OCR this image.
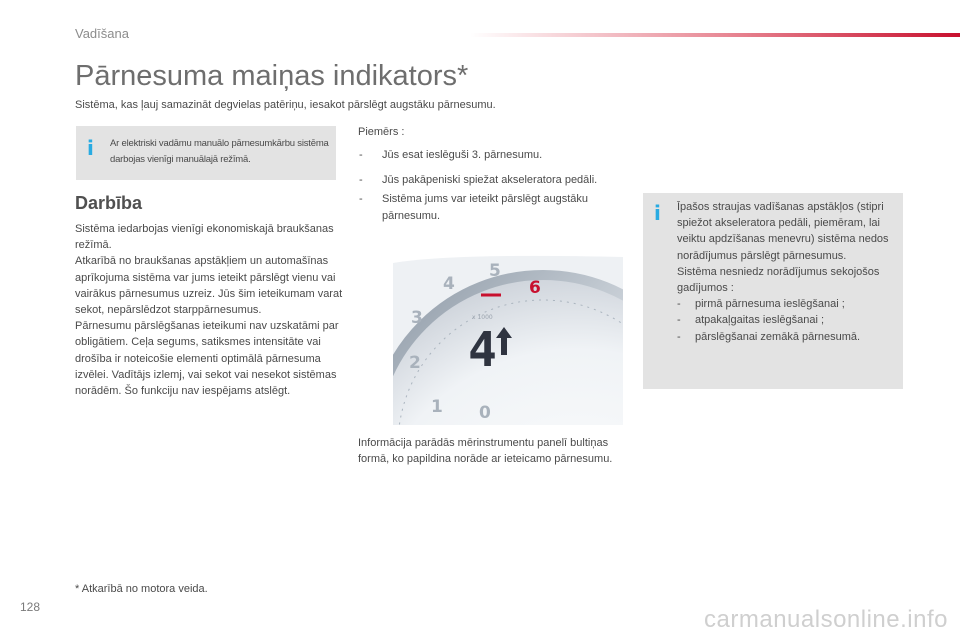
Vadīšana
Pārnesuma maiņas indikators*
Sistēma, kas ļauj samazināt degvielas patēriņu, iesakot pārslēgt augstāku pārnesumu.
i Ar elektriski vadāmu manuālo pārnesumkārbu sistēma darbojas vienīgi manuālajā režīmā.
Darbība

Sistēma iedarbojas vienīgi ekonomiskajā braukšanas režīmā.

Atkarībā no braukšanas apstākļiem un automašīnas aprīkojuma sistēma var jums ieteikt pārslēgt vienu vai vairākus pārnesumus uzreiz. Jūs šim ieteikumam varat sekot, nepārslēdzot starppārnesumus.

Pārnesumu pārslēgšanas ieteikumi nav uzskatāmi par obligātiem. Ceļa segums, satiksmes intensitāte vai drošība ir noteicošie elementi optimālā pārnesuma izvēlei. Vadītājs izlemj, vai sekot vai nesekot sistēmas norādēm. Šo funkciju nav iespējams atslēgt.

Piemērs :
- Jūs esat ieslēguši 3. pārnesumu.
- Jūs pakāpeniski spiežat akseleratora pedāli.
- Sistēma jums var ieteikt pārslēgt augstāku pārnesumu.
0
1
2
3
4
5
6
x 1000
4
Informācija parādās mērinstrumentu panelī bultiņas formā, ko papildina norāde ar ieteicamo pārnesumu.
i Īpašos straujas vadīšanas apstākļos (stipri spiežot akseleratora pedāli, piemēram, lai veiktu apdzīšanas menevru) sistēma nedos norādījumus pārslēgt pārnesumus.

Sistēma nesniedz norādījumus sekojošos gadījumos :

- pirmā pārnesuma ieslēgšanai ;
- atpakaļgaitas ieslēgšanai ;
- pārslēgšanai zemākā pārnesumā.
* Atkarībā no motora veida.
128	carmanualsonline.info
